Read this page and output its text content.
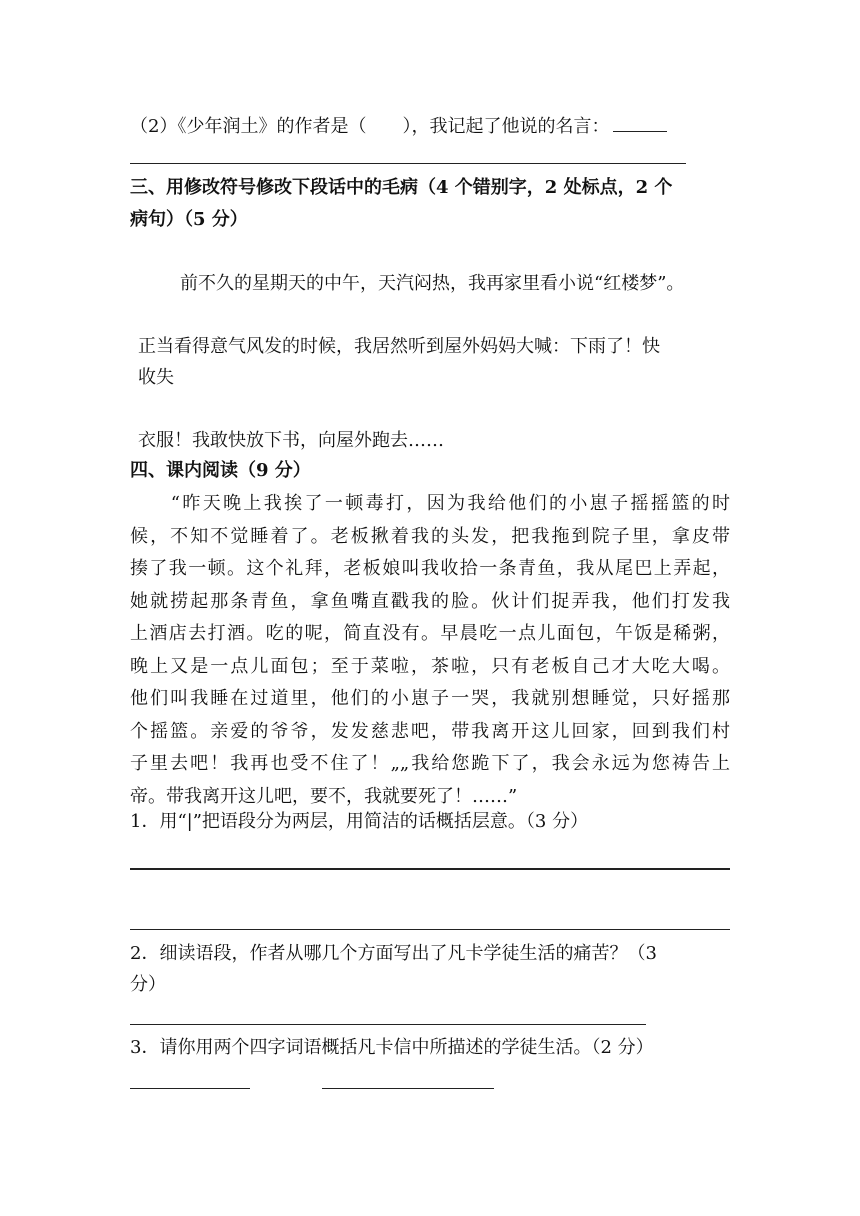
（2）《少年润土》的作者是（　　），我记起了他说的名言：
三、用修改符号修改下段话中的毛病（4 个错别字，2 处标点，2 个
病句）（5 分）
前不久的星期天的中午，天汽闷热，我再家里看小说“红楼梦”。
正当看得意气风发的时候，我居然听到屋外妈妈大喊：下雨了！快
收失
衣服！我敢快放下书，向屋外跑去……
四、课内阅读（9 分）
　　“昨天晚上我挨了一顿毒打，因为我给他们的小崽子摇摇篮的时
候，不知不觉睡着了。老板揪着我的头发，把我拖到院子里，拿皮带
揍了我一顿。这个礼拜，老板娘叫我收拾一条青鱼，我从尾巴上弄起，
她就捞起那条青鱼，拿鱼嘴直戳我的脸。伙计们捉弄我，他们打发我
上酒店去打酒。吃的呢，简直没有。早晨吃一点儿面包，午饭是稀粥，
晚上又是一点儿面包；至于菜啦，茶啦，只有老板自己才大吃大喝。
他们叫我睡在过道里，他们的小崽子一哭，我就别想睡觉，只好摇那
个摇篮。亲爱的爷爷，发发慈悲吧，带我离开这儿回家，回到我们村
子里去吧！我再也受不住了！„„我给您跪下了，我会永远为您祷告上
帝。带我离开这儿吧，要不，我就要死了！……”
1．用“|”把语段分为两层，用简洁的话概括层意。（3 分）
2．细读语段，作者从哪几个方面写出了凡卡学徒生活的痛苦？（3
分）
3．请你用两个四字词语概括凡卡信中所描述的学徒生活。（2 分）
